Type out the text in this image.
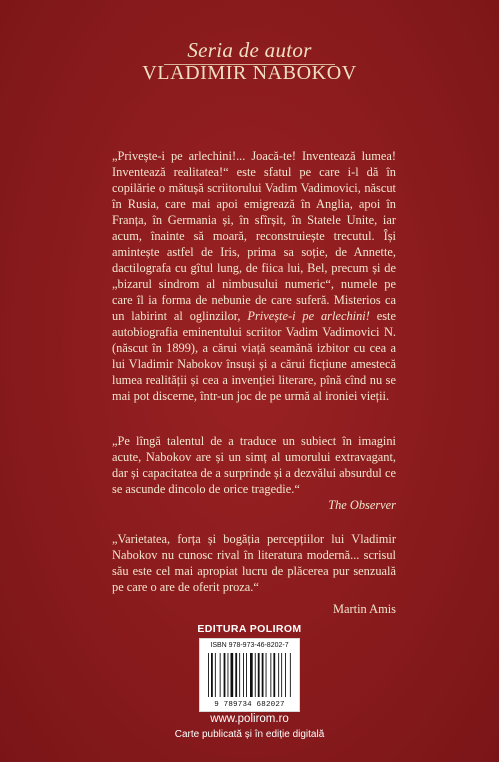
Seria de autor
VLADIMIR NABOKOV

„Privește-i pe arlechini!... Joacă-te! Inventează lumea! Inventează realitatea!“ este sfatul pe care i-l dă în copilărie o mătușă scriitorului Vadim Vadimovici, născut în Rusia, care mai apoi emigrează în Anglia, apoi în Franța, în Germania și, în sfîrșit, în Statele Unite, iar acum, înainte să moară, reconstruiește trecutul. Își amintește astfel de Iris, prima sa soție, de Annette, dactilografa cu gîtul lung, de fiica lui, Bel, precum și de „bizarul sindrom al nimbusului numeric“, numele pe care îl ia forma de nebunie de care suferă. Misterios ca un labirint al oglinzilor, Privește-i pe arlechini! este autobiografia eminentului scriitor Vadim Vadimovici N. (născut în 1899), a cărui viață seamănă izbitor cu cea a lui Vladimir Nabokov însuși și a cărui ficțiune amestecă lumea realității și cea a invenției literare, pînă cînd nu se mai pot discerne, într-un joc de pe urmă al ironiei vieții.

„Pe lîngă talentul de a traduce un subiect în imagini acute, Nabokov are și un simț al umorului extravagant, dar și capacitatea de a surprinde și a dezvălui absurdul ce se ascunde dincolo de orice tragedie.“
The Observer

„Varietatea, forța și bogăția percepțiilor lui Vladimir Nabokov nu cunosc rival în literatura modernă... scrisul său este cel mai apropiat lucru de plăcerea pur senzuală pe care o are de oferit proza.“
Martin Amis

EDITURA POLIROM
ISBN 978-973-46-8202-7
9 789734 682027
www.polirom.ro
Carte publicată și în ediție digitală
